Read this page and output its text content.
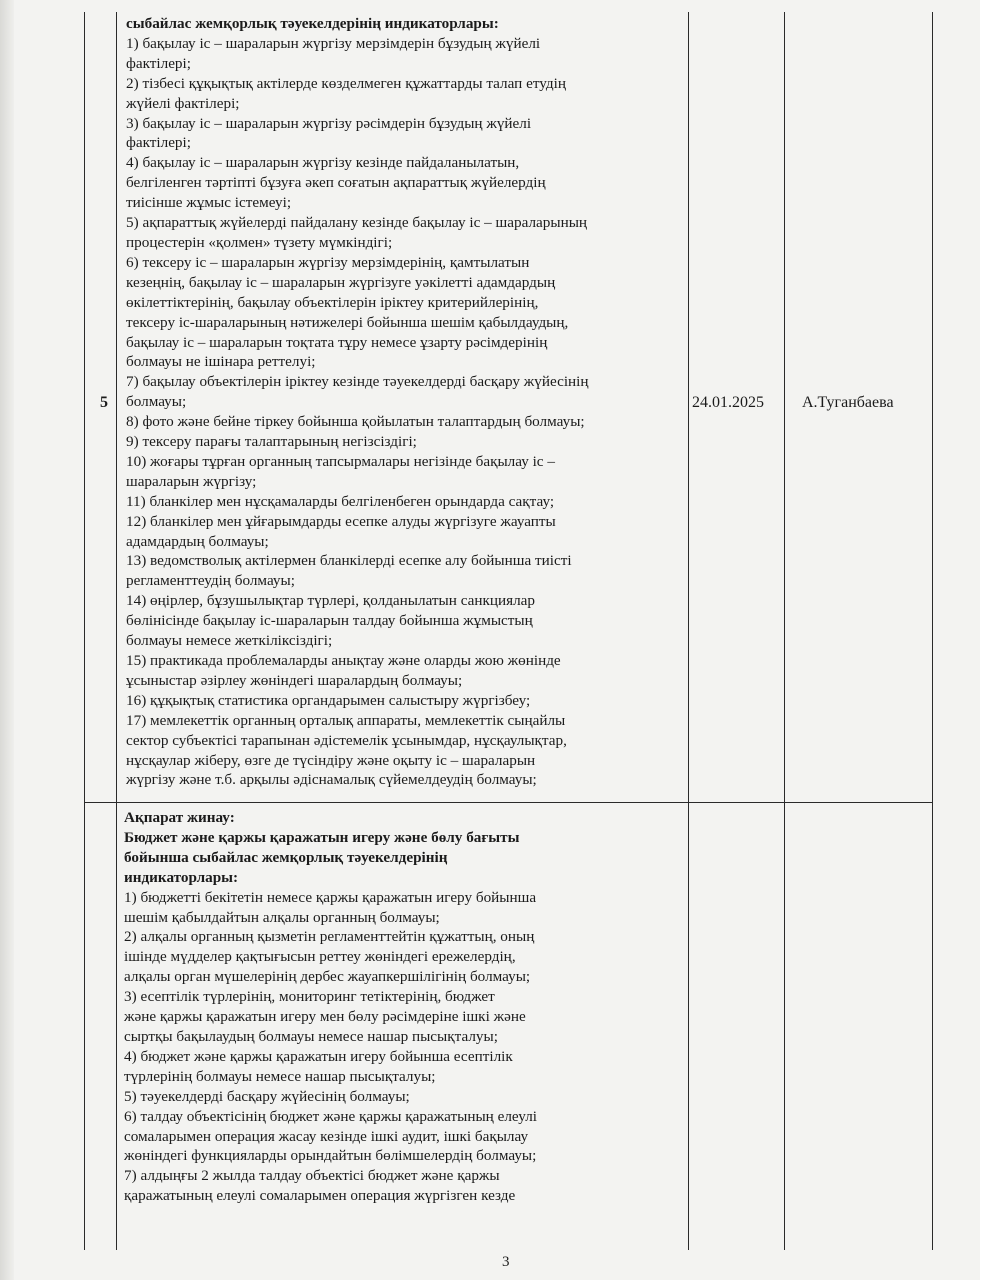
5	24.01.2025 А.Туганбаева
сыбайлас жемқорлық тәуекелдерінің индикаторлары:
1) бақылау іс – шараларын жүргізу мерзімдерін бұзудың жүйелі
фактілері;
2) тізбесі құқықтық актілерде көзделмеген құжаттарды талап етудің
жүйелі фактілері;
3) бақылау іс – шараларын жүргізу рәсімдерін бұзудың жүйелі
фактілері;
4) бақылау іс – шараларын жүргізу кезінде пайдаланылатын,
белгіленген тәртіпті бұзуға әкеп соғатын ақпараттық жүйелердің
тиісінше жұмыс істемеуі;
5) ақпараттық жүйелерді пайдалану кезінде бақылау іс – шараларының
процестерін «қолмен» түзету мүмкіндігі;
6) тексеру іс – шараларын жүргізу мерзімдерінің, қамтылатын
кезеңнің, бақылау іс – шараларын жүргізуге уәкілетті адамдардың
өкілеттіктерінің, бақылау объектілерін іріктеу критерийлерінің,
тексеру іс-шараларының нәтижелері бойынша шешім қабылдаудың,
бақылау іс – шараларын тоқтата тұру немесе ұзарту рәсімдерінің
болмауы не ішінара реттелуі;
7) бақылау объектілерін іріктеу кезінде тәуекелдерді басқару жүйесінің
болмауы;
8) фото және бейне тіркеу бойынша қойылатын талаптардың болмауы;
9) тексеру парағы талаптарының негізсіздігі;
10) жоғары тұрған органның тапсырмалары негізінде бақылау іс –
шараларын жүргізу;
11) бланкілер мен нұсқамаларды белгіленбеген орындарда сақтау;
12) бланкілер мен ұйғарымдарды есепке алуды жүргізуге жауапты
адамдардың болмауы;
13) ведомстволық актілермен бланкілерді есепке алу бойынша тиісті
регламенттеудің болмауы;
14) өңірлер, бұзушылықтар түрлері, қолданылатын санкциялар
бөлінісінде бақылау іс-шараларын талдау бойынша жұмыстың
болмауы немесе жеткіліксіздігі;
15) практикада проблемаларды анықтау және оларды жою жөнінде
ұсыныстар әзірлеу жөніндегі шаралардың болмауы;
16) құқықтық статистика органдарымен салыстыру жүргізбеу;
17) мемлекеттік органның орталық аппараты, мемлекеттік сыңайлы
сектор субъектісі тарапынан әдістемелік ұсынымдар, нұсқаулықтар,
нұсқаулар жіберу, өзге де түсіндіру және оқыту іс – шараларын
жүргізу және т.б. арқылы әдіснамалық сүйемелдеудің болмауы;
Ақпарат жинау:
Бюджет және қаржы қаражатын игеру және бөлу бағыты
бойынша сыбайлас жемқорлық тәуекелдерінің
индикаторлары:
1) бюджетті бекітетін немесе қаржы қаражатын игеру бойынша
шешім қабылдайтын алқалы органның болмауы;
2) алқалы органның қызметін регламенттейтін құжаттың, оның
ішінде мүдделер қақтығысын реттеу жөніндегі ережелердің,
алқалы орган мүшелерінің дербес жауапкершілігінің болмауы;
3) есептілік түрлерінің, мониторинг тетіктерінің, бюджет
және қаржы қаражатын игеру мен бөлу рәсімдеріне ішкі және
сыртқы бақылаудың болмауы немесе нашар пысықталуы;
4) бюджет және қаржы қаражатын игеру бойынша есептілік
түрлерінің болмауы немесе нашар пысықталуы;
5) тәуекелдерді басқару жүйесінің болмауы;
6) талдау объектісінің бюджет және қаржы қаражатының елеулі
сомаларымен операция жасау кезінде ішкі аудит, ішкі бақылау
жөніндегі функцияларды орындайтын бөлімшелердің болмауы;
7) алдыңғы 2 жылда талдау объектісі бюджет және қаржы
қаражатының елеулі сомаларымен операция жүргізген кезде
3
